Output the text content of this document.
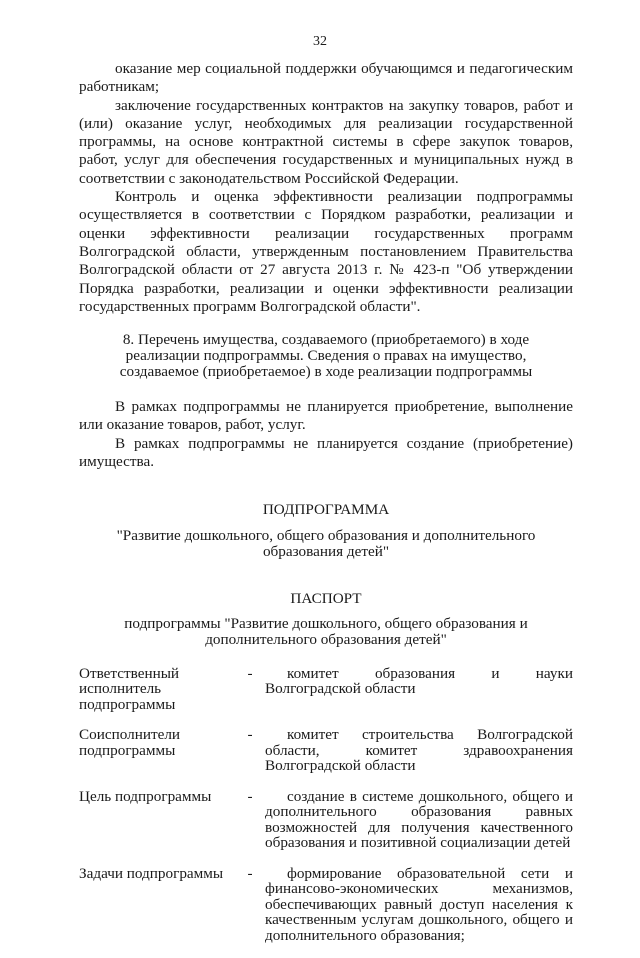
32

оказание мер социальной поддержки обучающимся и педагогическим работникам;

заключение государственных контрактов на закупку товаров, работ и (или) оказание услуг, необходимых для реализации государственной программы, на основе контрактной системы в сфере закупок товаров, работ, услуг для обеспечения государственных и муниципальных нужд в соответствии с законодательством Российской Федерации.

Контроль и оценка эффективности реализации подпрограммы осуществляется в соответствии с Порядком разработки, реализации и оценки эффективности реализации государственных программ Волгоградской области, утвержденным постановлением Правительства Волгоградской области от 27 августа 2013 г. № 423-п "Об утверждении Порядка разработки, реализации и оценки эффективности реализации государственных программ Волгоградской области".

8. Перечень имущества, создаваемого (приобретаемого) в ходе реализации подпрограммы. Сведения о правах на имущество, создаваемое (приобретаемое) в ходе реализации подпрограммы

В рамках подпрограммы не планируется приобретение, выполнение или оказание товаров, работ, услуг.

В рамках подпрограммы не планируется создание (приобретение) имущества.

ПОДПРОГРАММА
"Развитие дошкольного, общего образования и дополнительного образования детей"
ПАСПОРТ
подпрограммы "Развитие дошкольного, общего образования и дополнительного образования детей"
Ответственный исполнитель подпрограммы	-	комитет образования и науки Волгоградской области

Соисполнители подпрограммы	-	комитет строительства Волгоградской области, комитет здравоохранения Волгоградской области

Цель подпрограммы	-	создание в системе дошкольного, общего и дополнительного образования равных возможностей для получения качественного образования и позитивной социализации детей

Задачи подпрограммы	-	формирование образовательной сети и финансово-экономических механизмов, обеспечивающих равный доступ населения к качественным услугам дошкольного, общего и дополнительного образования;
